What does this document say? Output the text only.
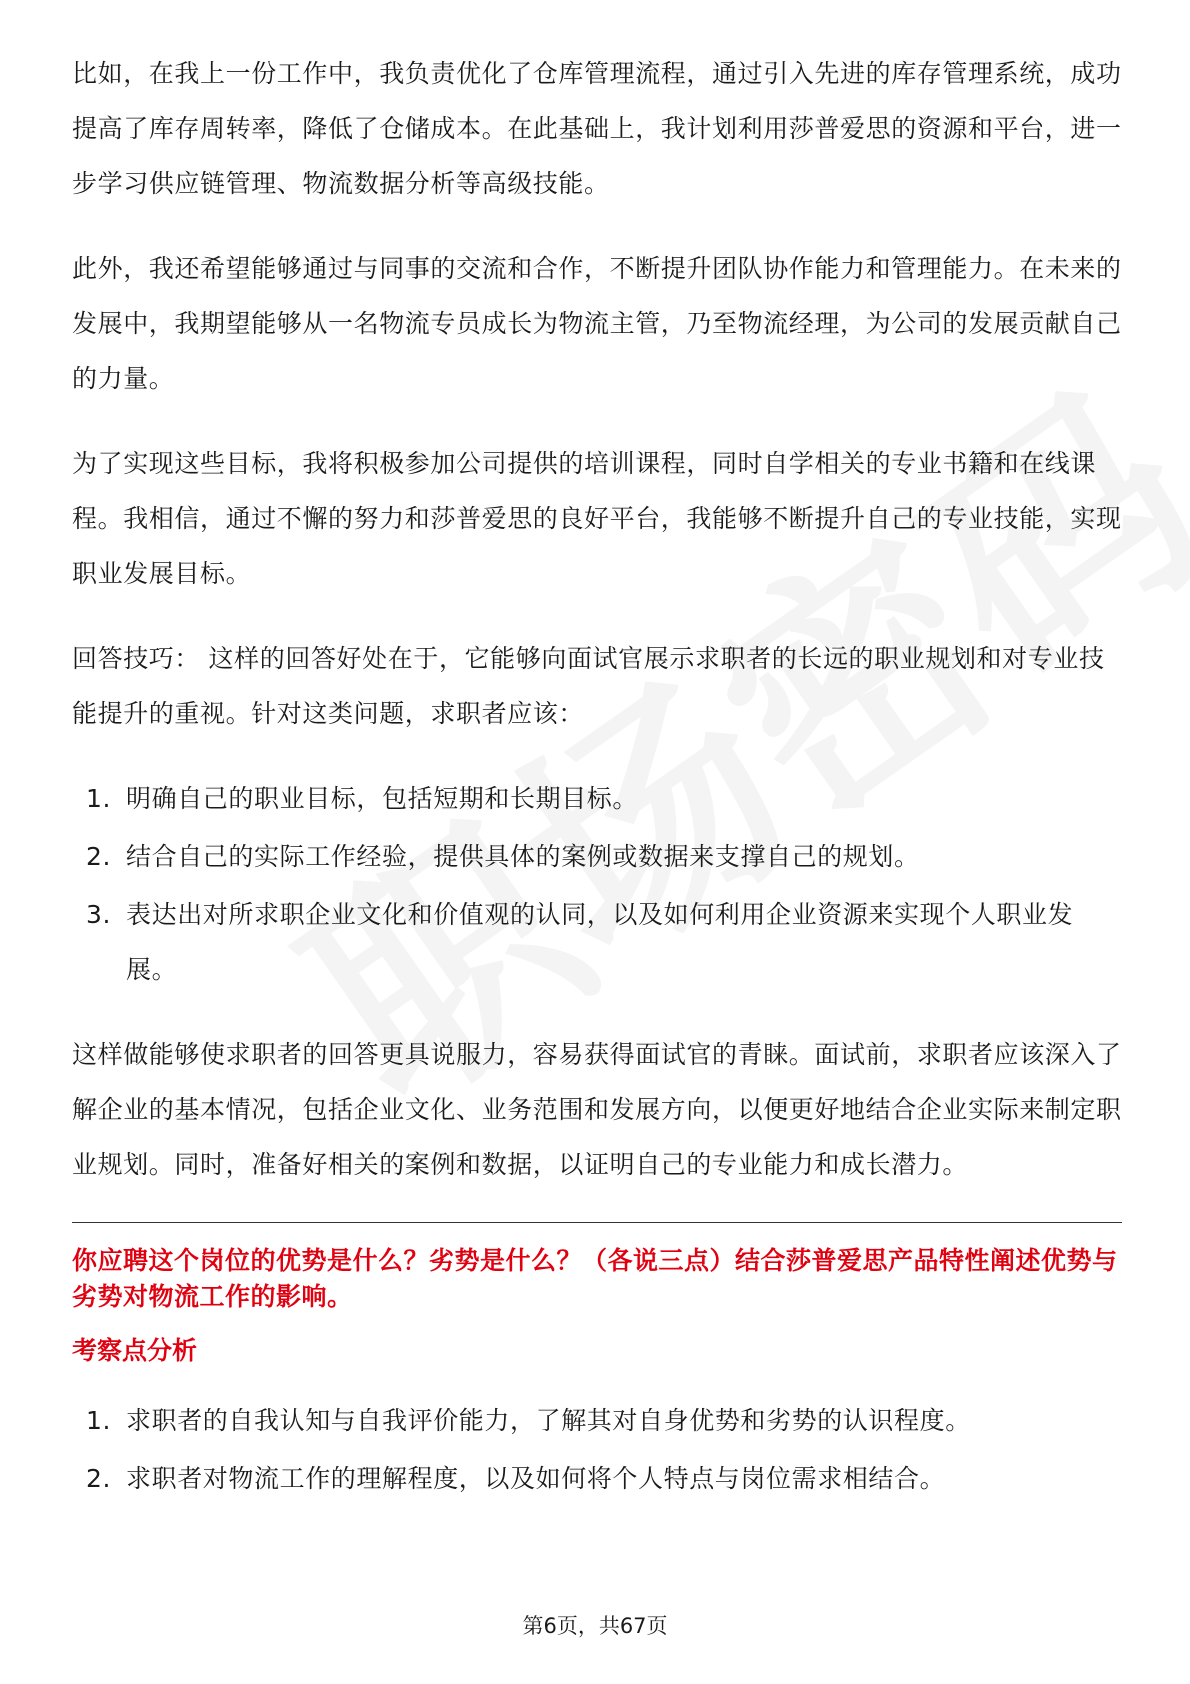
比如，在我上一份工作中，我负责优化了仓库管理流程，通过引入先进的库存管理系统，成功提高了库存周转率，降低了仓储成本。在此基础上，我计划利用莎普爱思的资源和平台，进一步学习供应链管理、物流数据分析等高级技能。

此外，我还希望能够通过与同事的交流和合作，不断提升团队协作能力和管理能力。在未来的发展中，我期望能够从一名物流专员成长为物流主管，乃至物流经理，为公司的发展贡献自己的力量。

为了实现这些目标，我将积极参加公司提供的培训课程，同时自学相关的专业书籍和在线课程。我相信，通过不懈的努力和莎普爱思的良好平台，我能够不断提升自己的专业技能，实现职业发展目标。

回答技巧： 这样的回答好处在于，它能够向面试官展示求职者的长远的职业规划和对专业技能提升的重视。针对这类问题，求职者应该：

1. 明确自己的职业目标，包括短期和长期目标。
2. 结合自己的实际工作经验，提供具体的案例或数据来支撑自己的规划。
3. 表达出对所求职企业文化和价值观的认同，以及如何利用企业资源来实现个人职业发展。

这样做能够使求职者的回答更具说服力，容易获得面试官的青睐。面试前，求职者应该深入了解企业的基本情况，包括企业文化、业务范围和发展方向，以便更好地结合企业实际来制定职业规划。同时，准备好相关的案例和数据，以证明自己的专业能力和成长潜力。

你应聘这个岗位的优势是什么？劣势是什么？（各说三点）结合莎普爱思产品特性阐述优势与劣势对物流工作的影响。
考察点分析
1. 求职者的自我认知与自我评价能力，了解其对自身优势和劣势的认识程度。
2. 求职者对物流工作的理解程度，以及如何将个人特点与岗位需求相结合。
第6页，共67页
